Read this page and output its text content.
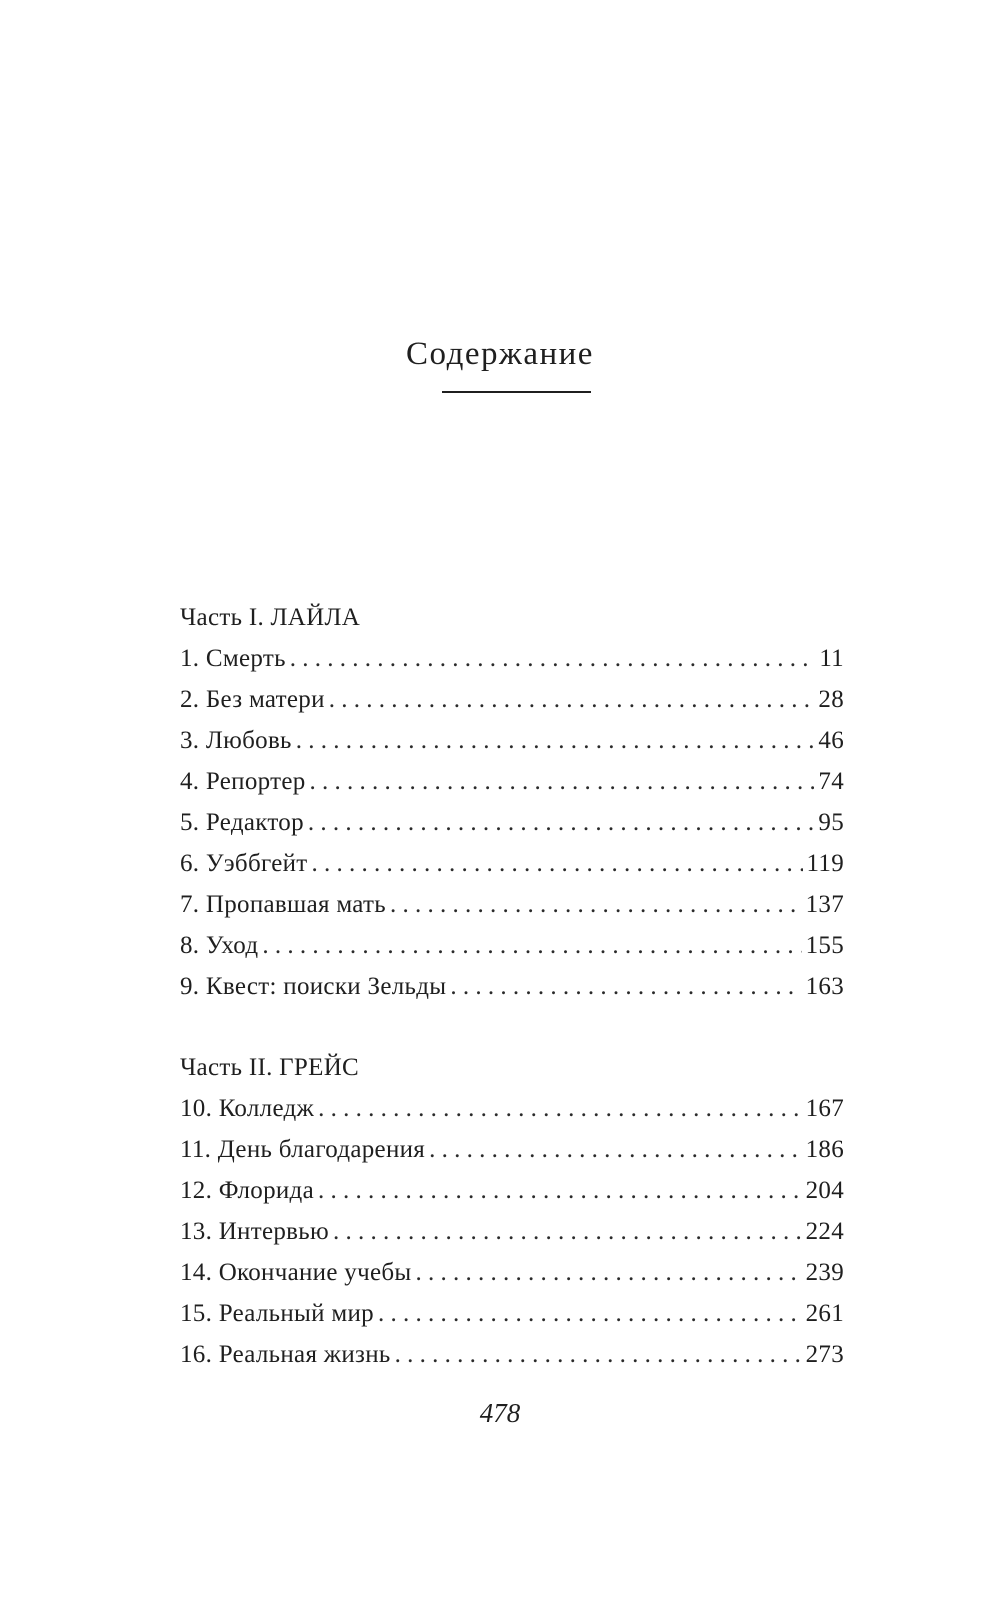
Содержание
Часть I. ЛАЙЛА
1. Смерть . . .	11
2. Без матери . . .	28
3. Любовь . . .	46
4. Репортер . . .	74
5. Редактор . . .	95
6. Уэббгейт . . .	119
7. Пропавшая мать . . .	137
8. Уход . . .	155
9. Квест: поиски Зельды . . .	163
Часть II. ГРЕЙС
10. Колледж . . .	167
11. День благодарения . . .	186
12. Флорида . . .	204
13. Интервью . . .	224
14. Окончание учебы . . .	239
15. Реальный мир . . .	261
16. Реальная жизнь . . .	273
478
